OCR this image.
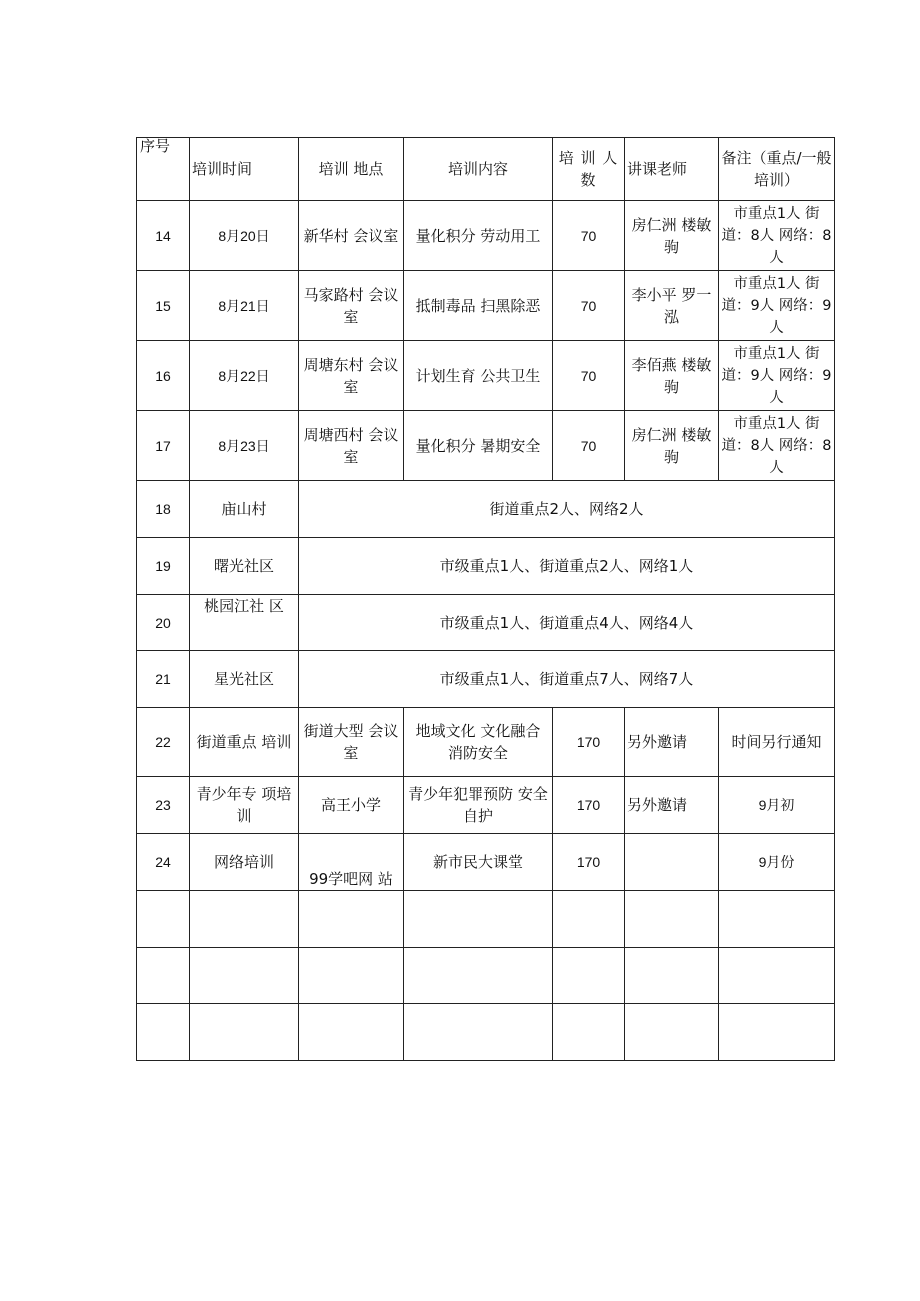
序号	培训时间	培训 地点	培训内容	培 训 人 数	讲课老师	备注（重点/一般培训）
14	8月20日	新华村 会议室	量化积分 劳动用工	70	房仁洲 楼敏驹	市重点1人 街道：8人 网络：8人
15	8月21日	马家路村 会议室	抵制毒品 扫黑除恶	70	李小平 罗一泓	市重点1人 街道：9人 网络：9人
16	8月22日	周塘东村 会议室	计划生育 公共卫生	70	李佰燕 楼敏驹	市重点1人 街道：9人 网络：9人
17	8月23日	周塘西村 会议室	量化积分 暑期安全	70	房仁洲 楼敏驹	市重点1人 街道：8人 网络：8人
18	庙山村	街道重点2人、网络2人				
19	曙光社区	市级重点1人、街道重点2人、网络1人				
20	桃园江社 区	市级重点1人、街道重点4人、网络4人				
21	星光社区	市级重点1人、街道重点7人、网络7人				
22	街道重点 培训	街道大型 会议室	地域文化 文化融合 消防安全	170	另外邀请	时间另行通知
23	青少年专 项培训	高王小学	青少年犯罪预防 安全自护	170	另外邀请	9月初
24	网络培训	99学吧网 站	新市民大课堂	170		9月份
